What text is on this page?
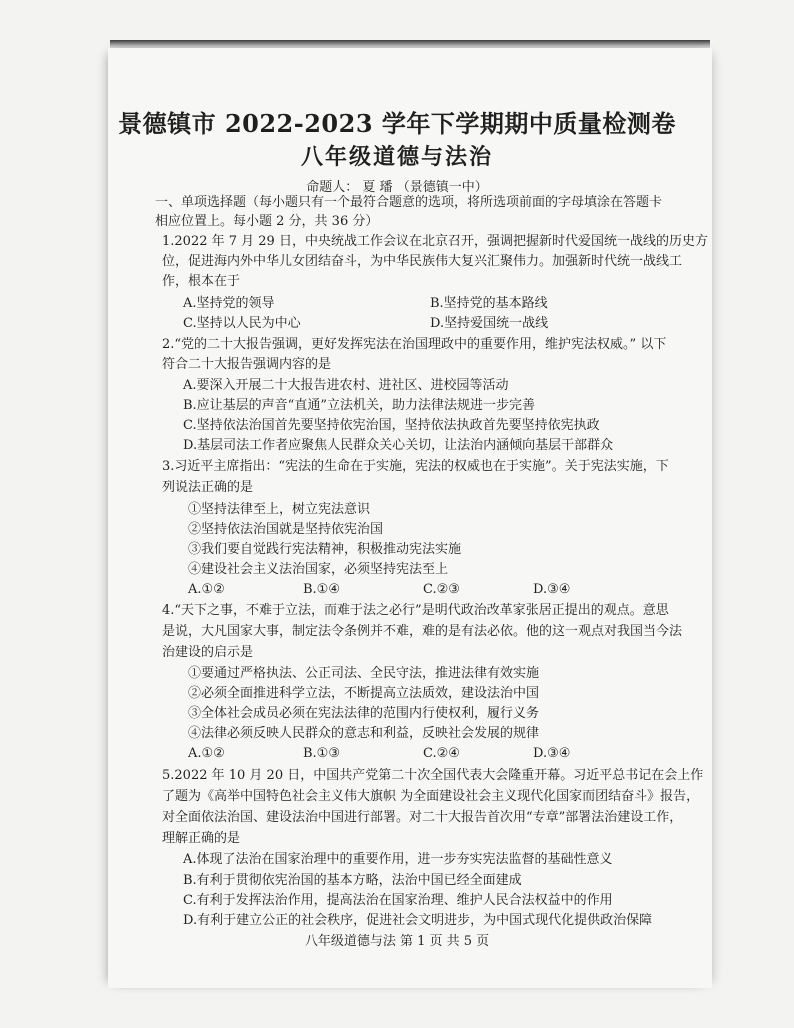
景德镇市 2022-2023 学年下学期期中质量检测卷
八年级道德与法治
命题人： 夏 璠 （景德镇一中）
一、单项选择题（每小题只有一个最符合题意的选项，将所选项前面的字母填涂在答题卡
相应位置上。每小题 2 分，共 36 分）
1.2022 年 7 月 29 日，中央统战工作会议在北京召开，强调把握新时代爱国统一战线的历史方
位，促进海内外中华儿女团结奋斗，为中华民族伟大复兴汇聚伟力。加强新时代统一战线工
作，根本在于
A.坚持党的领导	B.坚持党的基本路线
C.坚持以人民为中心	D.坚持爱国统一战线
2.“党的二十大报告强调，更好发挥宪法在治国理政中的重要作用，维护宪法权威。” 以下
符合二十大报告强调内容的是
A.要深入开展二十大报告进农村、进社区、进校园等活动
B.应让基层的声音“直通”立法机关，助力法律法规进一步完善
C.坚持依法治国首先要坚持依宪治国，坚持依法执政首先要坚持依宪执政
D.基层司法工作者应聚焦人民群众关心关切，让法治内涵倾向基层干部群众
3.习近平主席指出：“宪法的生命在于实施，宪法的权威也在于实施”。关于宪法实施，下
列说法正确的是
①坚持法律至上，树立宪法意识
②坚持依法治国就是坚持依宪治国
③我们要自觉践行宪法精神，积极推动宪法实施
④建设社会主义法治国家，必须坚持宪法至上
A.①②	B.①④	C.②③	D.③④
4.“天下之事，不难于立法，而难于法之必行”是明代政治改革家张居正提出的观点。意思
是说，大凡国家大事，制定法令条例并不难，难的是有法必依。他的这一观点对我国当今法
治建设的启示是
①要通过严格执法、公正司法、全民守法，推进法律有效实施
②必须全面推进科学立法，不断提高立法质效，建设法治中国
③全体社会成员必须在宪法法律的范围内行使权利，履行义务
④法律必须反映人民群众的意志和利益，反映社会发展的规律
A.①②	B.①③	C.②④	D.③④
5.2022 年 10 月 20 日，中国共产党第二十次全国代表大会隆重开幕。习近平总书记在会上作
了题为《高举中国特色社会主义伟大旗帜 为全面建设社会主义现代化国家而团结奋斗》报告，
对全面依法治国、建设法治中国进行部署。对二十大报告首次用“专章”部署法治建设工作，
理解正确的是
A.体现了法治在国家治理中的重要作用，进一步夯实宪法监督的基础性意义
B.有利于贯彻依宪治国的基本方略，法治中国已经全面建成
C.有利于发挥法治作用，提高法治在国家治理、维护人民合法权益中的作用
D.有利于建立公正的社会秩序，促进社会文明进步，为中国式现代化提供政治保障
八年级道德与法 第 1 页 共 5 页
